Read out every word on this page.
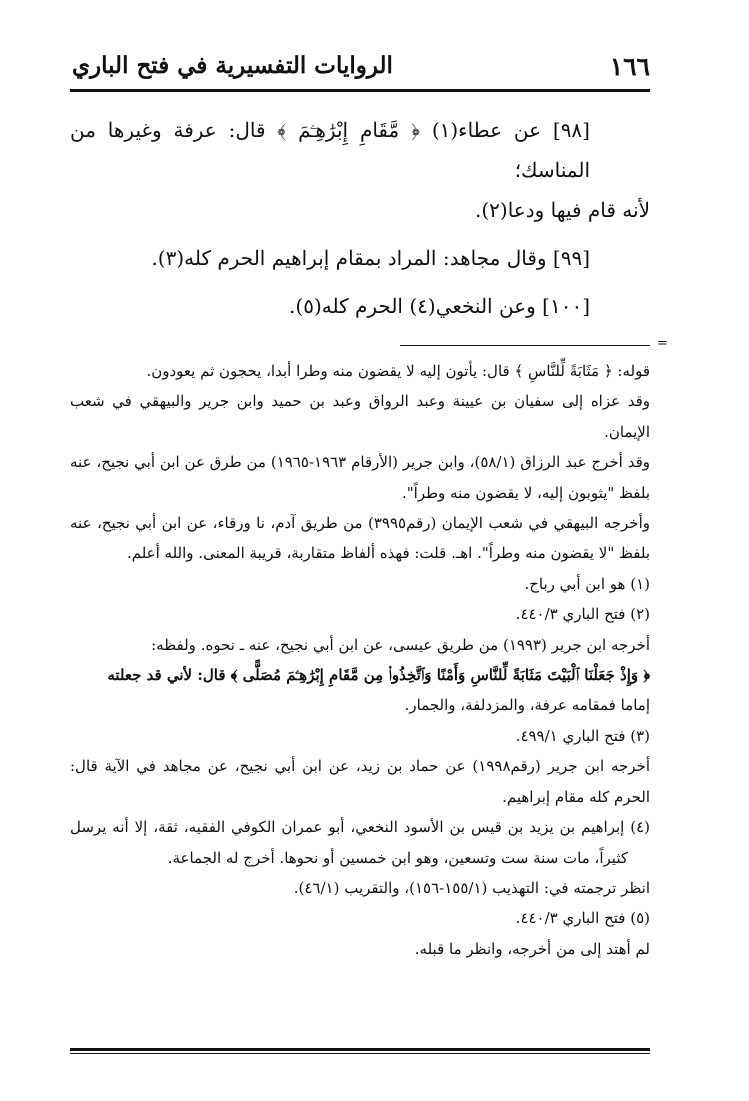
١٦٦
الروايات التفسيرية في فتح الباري

[٩٨] عن عطاء(١) ﴿ مَّقَامِ إِبْرَٰهِـۧمَ ﴾ قال: عرفة وغيرها من المناسك؛

لأنه قام فيها ودعا(٢).

[٩٩] وقال مجاهد: المراد بمقام إبراهيم الحرم كله(٣).

[١٠٠] وعن النخعي(٤) الحرم كله(٥).

=

قوله: ﴿ مَثَابَةً لِّلنَّاسِ ﴾ قال: يأتون إليه لا يقضون منه وطرا أبدا، يحجون ثم يعودون.

وقد عزاه إلى سفيان بن عيينة وعبد الرواق وعبد بن حميد وابن جرير والبيهقي في شعب الإيمان.

وقد أخرج عبد الرزاق (٥٨/١)، وابن جرير (الأرقام ١٩٦٣-١٩٦٥) من طرق عن ابن أبي نجيح، عنه بلفظ "يثوبون إليه، لا يقضون منه وطراً".

وأخرجه البيهقي في شعب الإيمان (رقم٣٩٩٥) من طريق آدم، نا ورقاء، عن ابن أبي نجيح، عنه بلفظ "لا يقضون منه وطراً". اهـ. قلت: فهذه ألفاظ متقاربة، قريبة المعنى. والله أعلم.

(١) هو ابن أبي رباح.

(٢) فتح الباري ٤٤٠/٣.

أخرجه ابن جرير (١٩٩٣) من طريق عيسى، عن ابن أبي نجيح، عنه ـ نحوه. ولفظه:

﴿ وَإِذْ جَعَلْنَا ٱلْبَيْتَ مَثَابَةً لِّلنَّاسِ وَأَمْنًا وَٱتَّخِذُوا۟ مِن مَّقَامِ إِبْرَٰهِـۧمَ مُصَلًّى ﴾ قال: لأني قد جعلته

إماما فمقامه عرفة، والمزدلفة، والجمار.

(٣) فتح الباري ٤٩٩/١.

أخرجه ابن جرير (رقم١٩٩٨) عن حماد بن زيد، عن ابن أبي نجيح، عن مجاهد في الآية قال: الحرم كله مقام إبراهيم.

(٤) إبراهيم بن يزيد بن قيس بن الأسود النخعي، أبو عمران الكوفي الفقيه، ثقة، إلا أنه يرسل كثيراً، مات سنة ست وتسعين، وهو ابن خمسين أو نحوها. أخرج له الجماعة.

انظر ترجمته في: التهذيب (١٥٥/١-١٥٦)، والتقريب (٤٦/١).

(٥) فتح الباري ٤٤٠/٣.

لم أهتد إلى من أخرجه، وانظر ما قبله.
